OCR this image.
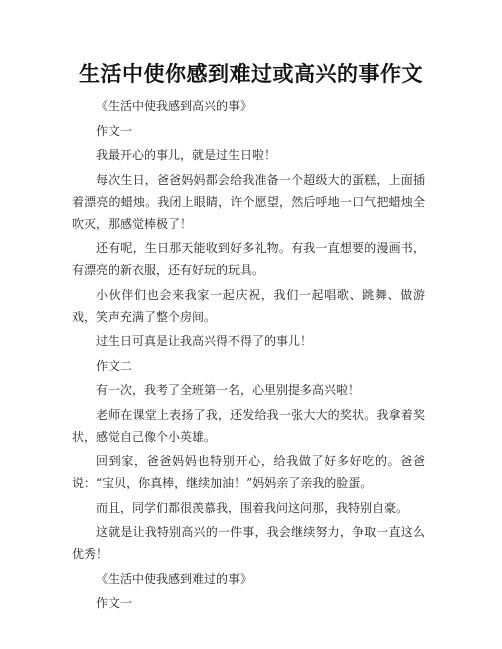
生活中使你感到难过或高兴的事作文

《生活中使我感到高兴的事》

作文一

我最开心的事儿，就是过生日啦！

每次生日，爸爸妈妈都会给我准备一个超级大的蛋糕，上面插着漂亮的蜡烛。我闭上眼睛，许个愿望，然后呼地一口气把蜡烛全吹灭，那感觉棒极了！

还有呢，生日那天能收到好多礼物。有我一直想要的漫画书，有漂亮的新衣服，还有好玩的玩具。

小伙伴们也会来我家一起庆祝，我们一起唱歌、跳舞、做游戏，笑声充满了整个房间。

过生日可真是让我高兴得不得了的事儿！

作文二

有一次，我考了全班第一名，心里别提多高兴啦！

老师在课堂上表扬了我，还发给我一张大大的奖状。我拿着奖状，感觉自己像个小英雄。

回到家，爸爸妈妈也特别开心，给我做了好多好吃的。爸爸说：“宝贝，你真棒，继续加油！”妈妈亲了亲我的脸蛋。

而且，同学们都很羡慕我，围着我问这问那，我特别自豪。

这就是让我特别高兴的一件事，我会继续努力，争取一直这么优秀！

《生活中使我感到难过的事》

作文一
